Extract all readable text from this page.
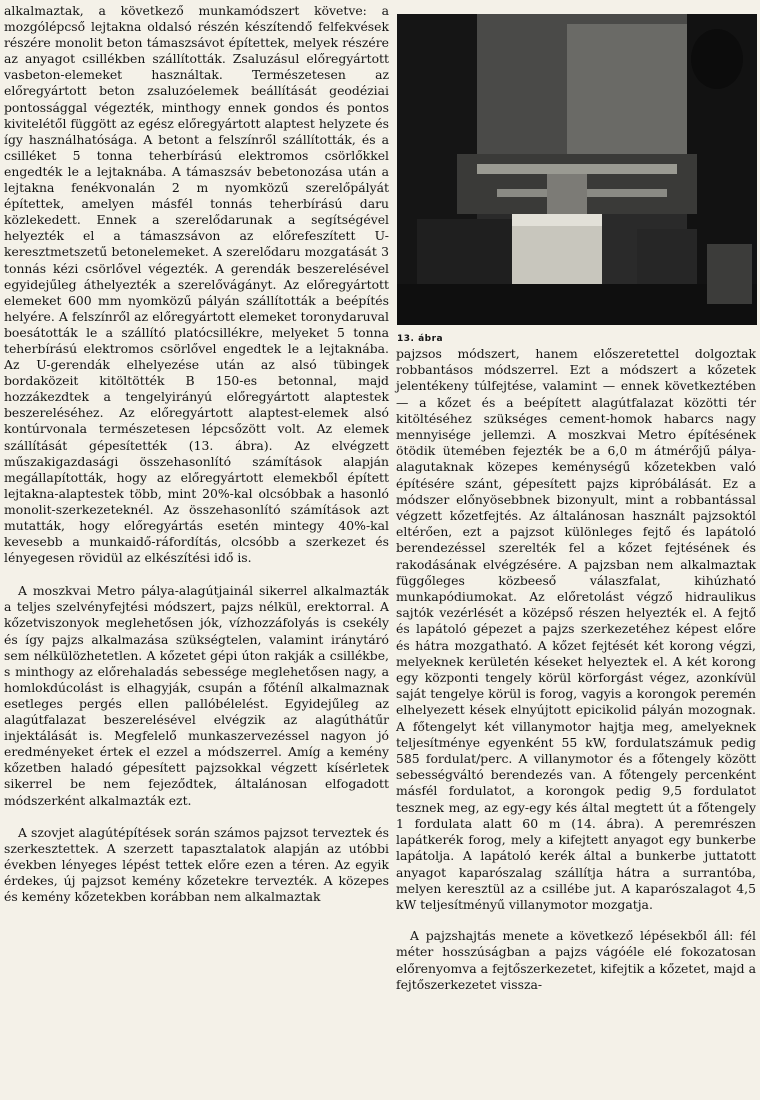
alkalmaztak, a következő munkamódszert követve: a mozgólépcső lejtakna oldalsó részén készítendő felfekvések részére monolit beton támaszsávot építettek, melyek részére az anyagot csillékben szállították. Zsaluzásul előregyártott vasbeton-elemeket használtak. Természetesen az előregyártott beton zsaluzóelemek beállítását geodéziai pontossággal végezték, minthogy ennek gondos és pontos kivitelétől függött az egész előregyártott alaptest helyzete és így használhatósága. A betont a felszínről szállították, és a csilléket 5 tonna teherbírású elektromos csörlőkkel engedték le a lejtaknába. A támaszsáv bebetonozása után a lejtakna fenékvonalán 2 m nyomközű szerelőpályát építettek, amelyen másfél tonnás teherbírású daru közlekedett. Ennek a szerelődarunak a segítségével helyezték el a támaszsávon az előrefeszített U-keresztmetszetű betonelemeket. A szerelődaru mozgatását 3 tonnás kézi csörlővel végezték. A gerendák beszerelésével egyidejűleg áthelyezték a szerelővágányt. Az előregyártott elemeket 600 mm nyomközű pályán szállították a beépítés helyére. A felszínről az előregyártott elemeket toronydaruval boesátották le a szállító platócsillékre, melyeket 5 tonna teherbírású elektromos csörlővel engedtek le a lejtaknába. Az U-gerendák elhelyezése után az alsó tübingek bordaközeit kitöltötték B 150-es betonnal, majd hozzákezdtek a tengelyirányú előregyártott alaptestek beszereléséhez. Az előregyártott alaptest-elemek alsó kontúrvonala természetesen lépcsőzött volt. Az elemek szállítását gépesítették (13. ábra). Az elvégzett műszakigazdasági összehasonlító számítások alapján megállapították, hogy az előregyártott elemekből épített lejtakna-alaptestek több, mint 20%-kal olcsóbbak a hasonló monolit-szerkezeteknél. Az összehasonlító számítások azt mutatták, hogy előregyártás esetén mintegy 40%-kal kevesebb a munkaidő-ráfordítás, olcsóbb a szerkezet és lényegesen rövidül az elkészítési idő is.

A moszkvai Metro pálya-alagútjainál sikerrel alkalmazták a teljes szelvényfejtési módszert, pajzs nélkül, erektorral. A kőzetviszonyok meglehetősen jók, vízhozzáfolyás is csekély és így pajzs alkalmazása szükségtelen, valamint iránytáró sem nélkülözhetetlen. A kőzetet gépi úton rakják a csillékbe, s minthogy az előrehaladás sebessége meglehetősen nagy, a homlokdúcolást is elhagyják, csupán a főténíl alkalmaznak esetleges pergés ellen pallóbélelést. Egyidejűleg az alagútfalazat beszerelésével elvégzik az alagúthátűr injektálását is. Megfelelő munkaszervezéssel nagyon jó eredményeket értek el ezzel a módszerrel. Amíg a kemény kőzetben haladó gépesített pajzsokkal végzett kísérletek sikerrel be nem fejeződtek, általánosan elfogadott módszerként alkalmazták ezt.

A szovjet alagútépítések során számos pajzsot terveztek és szerkesztettek. A szerzett tapasztalatok alapján az utóbbi években lényeges lépést tettek előre ezen a téren. Az egyik érdekes, új pajzsot kemény kőzetekre tervezték. A közepes és kemény kőzetekben korábban nem alkalmaztak

13. ábra

pajzsos módszert, hanem előszeretettel dolgoztak robbantásos módszerrel. Ezt a módszert a kőzetek jelentékeny túlfejtése, valamint — ennek következtében — a kőzet és a beépített alagútfalazat közötti tér kitöltéséhez szükséges cement-homok habarcs nagy mennyisége jellemzi. A moszkvai Metro építésének ötödik ütemében fejezték be a 6,0 m átmérőjű pálya-alagutaknak közepes keménységű kőzetekben való építésére szánt, gépesített pajzs kipróbálását. Ez a módszer előnyösebbnek bizonyult, mint a robbantással végzett kőzetfejtés. Az általánosan használt pajzsoktól eltérően, ezt a pajzsot különleges fejtő és lapátoló berendezéssel szerelték fel a kőzet fejtésének és rakodásának elvégzésére. A pajzsban nem alkalmaztak függőleges közbeeső válaszfalat, kihúzható munkapódiumokat. Az előretolást végző hidraulikus sajtók vezérlését a középső részen helyezték el. A fejtő és lapátoló gépezet a pajzs szerkezetéhez képest előre és hátra mozgatható. A kőzet fejtését két korong végzi, melyeknek kerületén késeket helyeztek el. A két korong egy központi tengely körül körforgást végez, azonkívül saját tengelye körül is forog, vagyis a korongok peremén elhelyezett kések elnyújtott epicikolid pályán mozognak. A főtengelyt két villanymotor hajtja meg, amelyeknek teljesítménye egyenként 55 kW, fordulatszámuk pedig 585 fordulat/perc. A villanymotor és a főtengely között sebességváltó berendezés van. A főtengely percenként másfél fordulatot, a korongok pedig 9,5 fordulatot tesznek meg, az egy-egy kés által megtett út a főtengely 1 fordulata alatt 60 m (14. ábra). A peremrészen lapátkerék forog, mely a kifejtett anyagot egy bunkerbe lapátolja. A lapátoló kerék által a bunkerbe juttatott anyagot kaparószalag szállítja hátra a surrantóba, melyen keresztül az a csillébe jut. A kaparószalagot 4,5 kW teljesítményű villanymotor mozgatja.

A pajzshajtás menete a következő lépésekből áll: fél méter hosszúságban a pajzs vágóéle elé fokozatosan előrenyomva a fejtőszerkezetet, kifejtik a kőzetet, majd a fejtőszerkezetet vissza-
